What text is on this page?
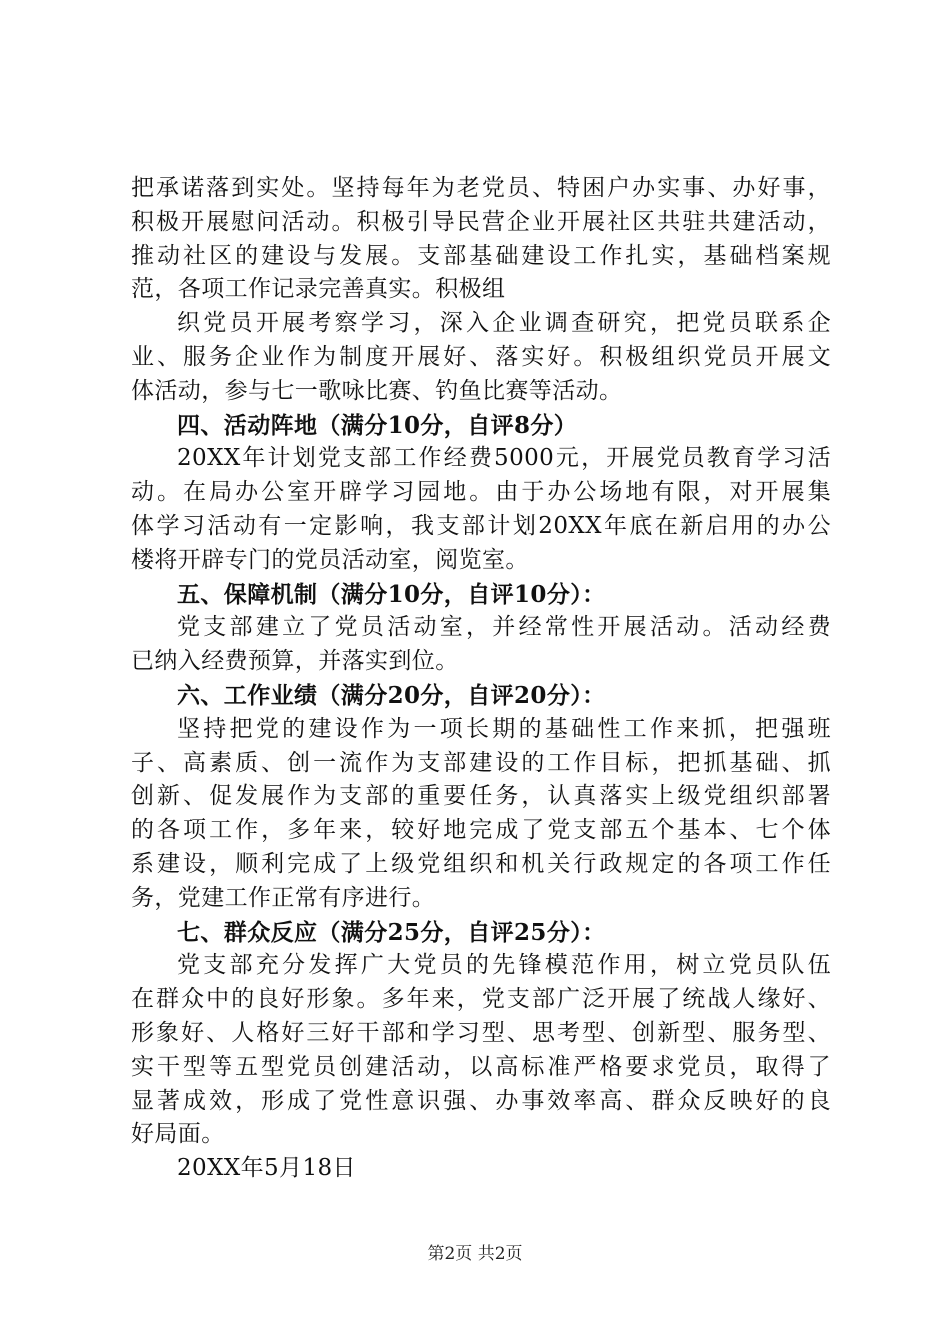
把承诺落到实处。坚持每年为老党员、特困户办实事、办好事，
积极开展慰问活动。积极引导民营企业开展社区共驻共建活动，
推动社区的建设与发展。支部基础建设工作扎实，基础档案规
范，各项工作记录完善真实。积极组
织党员开展考察学习，深入企业调查研究，把党员联系企
业、服务企业作为制度开展好、落实好。积极组织党员开展文
体活动，参与七一歌咏比赛、钓鱼比赛等活动。
四、活动阵地（满分10分，自评8分）
20XX年计划党支部工作经费5000元，开展党员教育学习活
动。在局办公室开辟学习园地。由于办公场地有限，对开展集
体学习活动有一定影响，我支部计划20XX年底在新启用的办公
楼将开辟专门的党员活动室，阅览室。
五、保障机制（满分10分，自评10分）：
党支部建立了党员活动室，并经常性开展活动。活动经费
已纳入经费预算，并落实到位。
六、工作业绩（满分20分，自评20分）：
坚持把党的建设作为一项长期的基础性工作来抓，把强班
子、高素质、创一流作为支部建设的工作目标，把抓基础、抓
创新、促发展作为支部的重要任务，认真落实上级党组织部署
的各项工作，多年来，较好地完成了党支部五个基本、七个体
系建设，顺利完成了上级党组织和机关行政规定的各项工作任
务，党建工作正常有序进行。
七、群众反应（满分25分，自评25分）：
党支部充分发挥广大党员的先锋模范作用，树立党员队伍
在群众中的良好形象。多年来，党支部广泛开展了统战人缘好、
形象好、人格好三好干部和学习型、思考型、创新型、服务型、
实干型等五型党员创建活动，以高标准严格要求党员，取得了
显著成效，形成了党性意识强、办事效率高、群众反映好的良
好局面。
20XX年5月18日
第2页 共2页
